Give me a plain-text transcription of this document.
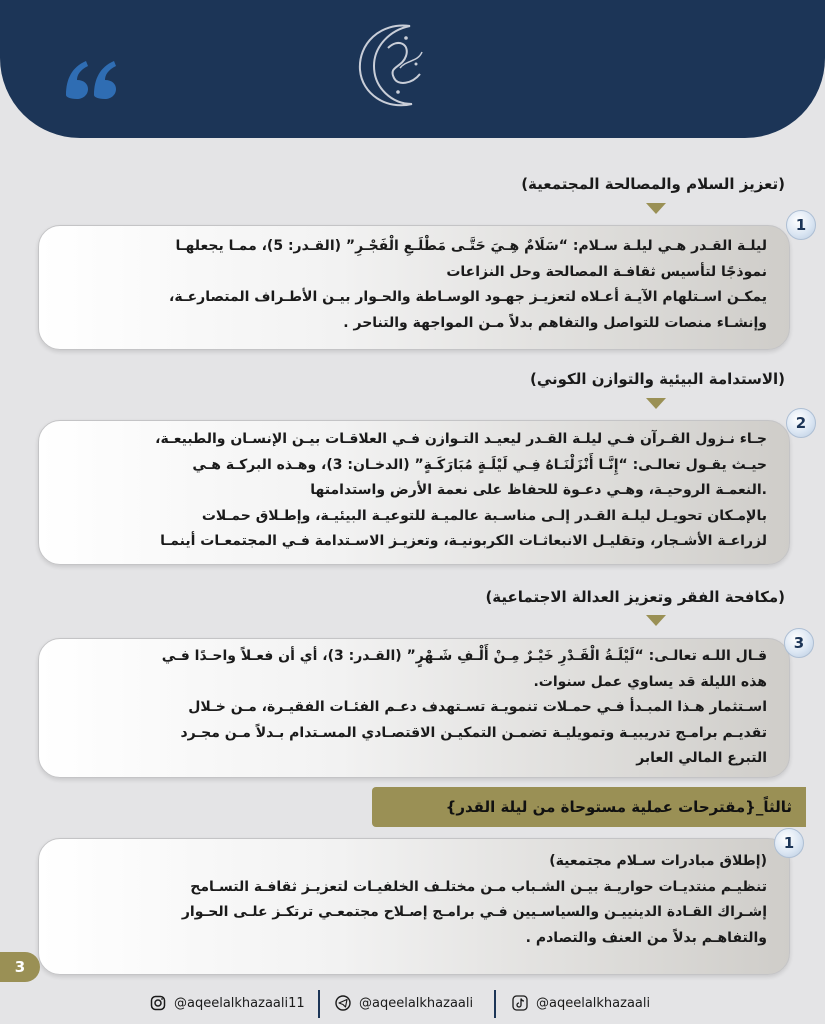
(تعزيز السلام والمصالحة المجتمعية)
ليلـة القـدر هـي ليلـة سـلام: “سَلَامٌ هِـيَ حَتَّـى مَطْلَـعِ الْفَجْـرِ” (القـدر: 5)، ممـا يجعلهـا
نموذجًا لتأسيس ثقافـة المصالحة وحل النزاعات
يمكـن اسـتلهام الآيـة أعـلاه لتعزيـز جهـود الوسـاطة والحـوار بيـن الأطـراف المتصارعـة،
وإنشـاء منصات للتواصل والتفاهم بدلاً مـن المواجهة والتناحر .
1
(الاستدامة البيئية والتوازن الكوني)
جـاء نـزول القـرآن فـي ليلـة القـدر ليعيـد التـوازن فـي العلاقـات بيـن الإنسـان والطبيعـة،
حيـث يقـول تعالـى: “إِنَّـا أَنْزَلْنَـاهُ فِـي لَيْلَـةٍ مُبَارَكَـةٍ” (الدخـان: 3)، وهـذه البركـة هـي
.النعمـة الروحيـة، وهـي دعـوة للحفاظ على نعمة الأرض واستدامتها
بالإمـكان تحويـل ليلـة القـدر إلـى مناسـبة عالميـة للتوعيـة البيئيـة، وإطـلاق حمـلات
لزراعـة الأشـجار، وتقليـل الانبعاثـات الكربونيـة، وتعزيـز الاسـتدامة فـي المجتمعـات أينمـا
2
(مكافحة الفقر وتعزيز العدالة الاجتماعية)
قـال اللـه تعالـى: “لَيْلَـةُ الْقَـدْرِ خَيْـرٌ مِـنْ أَلْـفِ شَـهْرٍ” (القـدر: 3)، أي أن فعـلاً واحـدًا فـي
هذه الليلة قد يساوي عمل سنوات.
اسـتثمار هـذا المبـدأ فـي حمـلات تنمويـة تسـتهدف دعـم الفئـات الفقيـرة، مـن خـلال
تقديـم برامـج تدريبيـة وتمويليـة تضمـن التمكيـن الاقتصـادي المسـتدام بـدلاً مـن مجـرد
التبرع المالي العابر
3
ثالثاً_{مقترحات عملية مستوحاة من ليلة القدر}
(إطلاق مبادرات سـلام مجتمعية)
تنظيـم منتديـات حواريـة بيـن الشـباب مـن مختلـف الخلفيـات لتعزيـز ثقافـة التسـامح
إشـراك القـادة الدينييـن والسياسـيين فـي برامـج إصـلاح مجتمعـي ترتكـز علـى الحـوار
والتفاهـم بدلاً من العنف والتصادم .
1
3
@aqeelalkhazaali11	@aqeelalkhazaali	@aqeelalkhazaali
